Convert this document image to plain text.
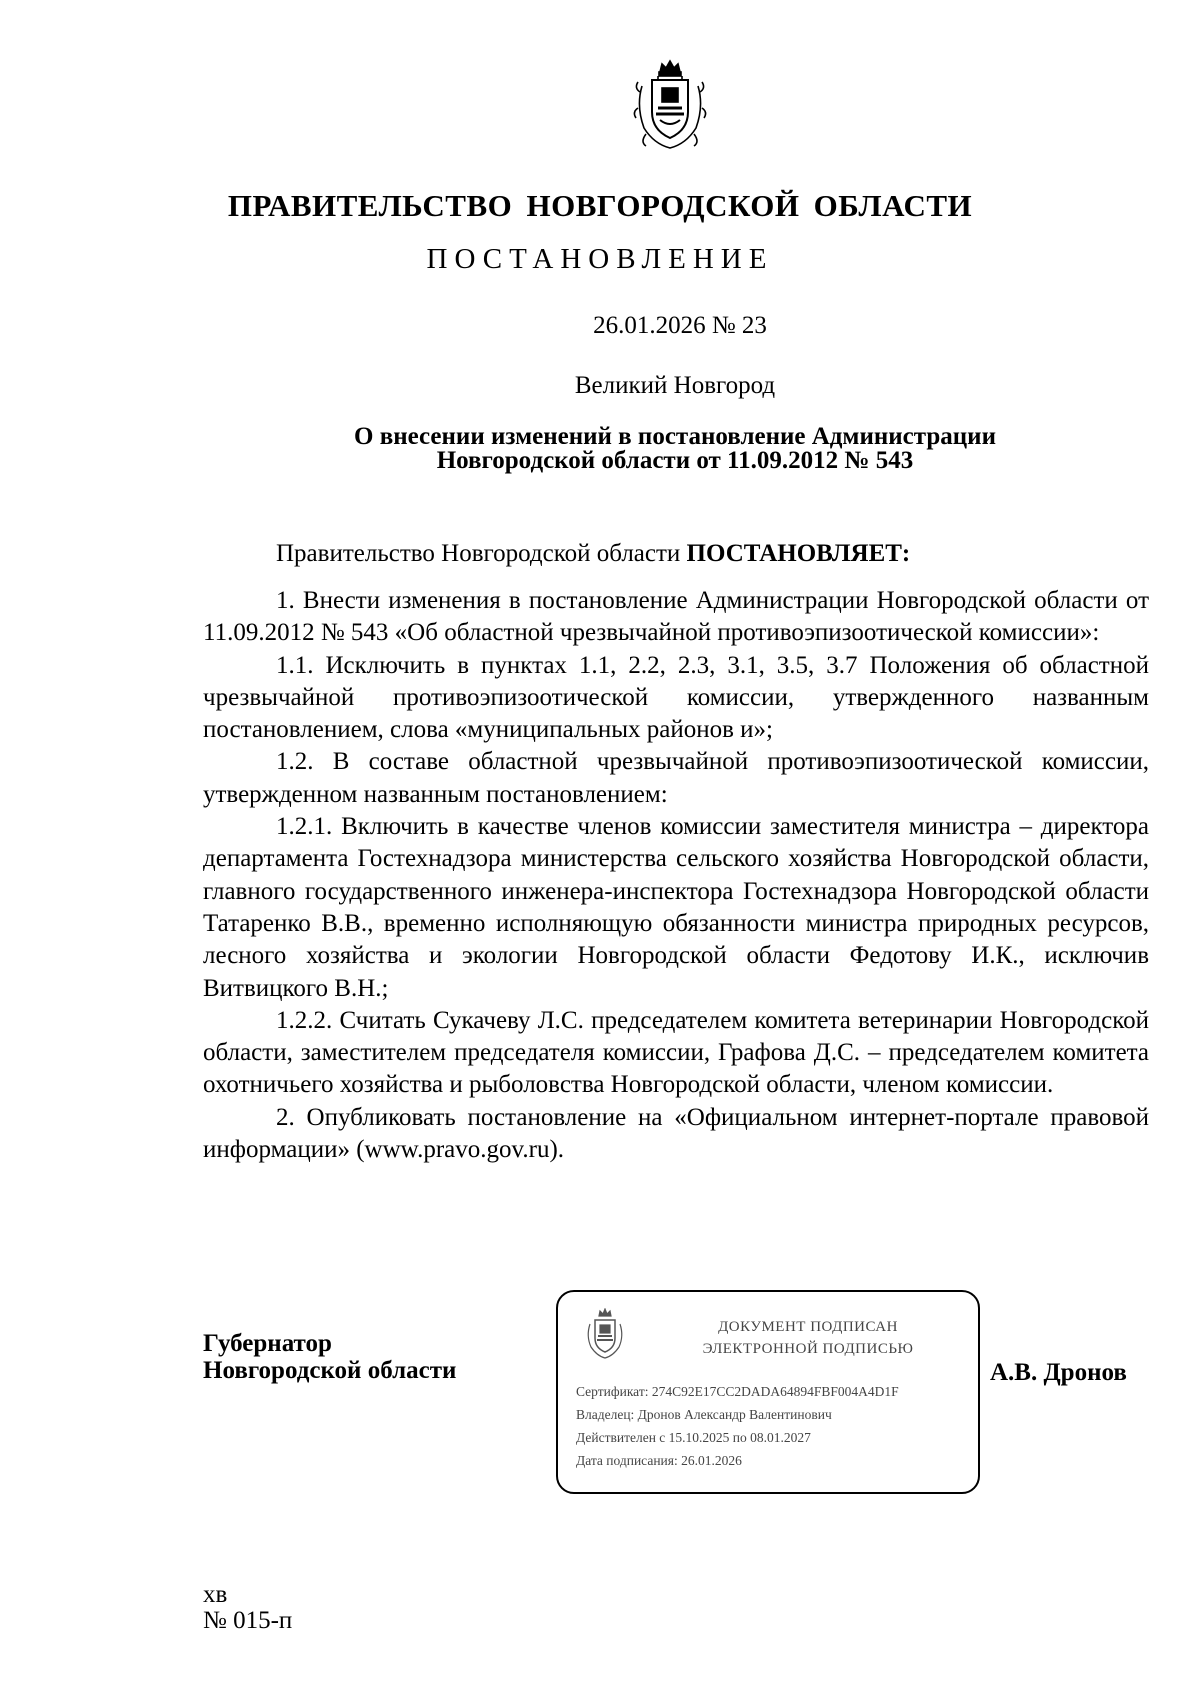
ПРАВИТЕЛЬСТВО НОВГОРОДСКОЙ ОБЛАСТИ
ПОСТАНОВЛЕНИЕ
26.01.2026 № 23
Великий Новгород
О внесении изменений в постановление Администрации
Новгородской области от 11.09.2012 № 543
Правительство Новгородской области ПОСТАНОВЛЯЕТ:

1. Внести изменения в постановление Администрации Новгородской области от 11.09.2012 № 543 «Об областной чрезвычайной противоэпизоотической комиссии»:

1.1. Исключить в пунктах 1.1, 2.2, 2.3, 3.1, 3.5, 3.7 Положения об областной чрезвычайной противоэпизоотической комиссии, утвержденного названным постановлением, слова «муниципальных районов и»;

1.2. В составе областной чрезвычайной противоэпизоотической комиссии, утвержденном названным постановлением:

1.2.1. Включить в качестве членов комиссии заместителя министра – директора департамента Гостехнадзора министерства сельского хозяйства Новгородской области, главного государственного инженера-инспектора Гостехнадзора Новгородской области Татаренко В.В., временно исполняющую обязанности министра природных ресурсов, лесного хозяйства и экологии Новгородской области Федотову И.К., исключив Витвицкого В.Н.;

1.2.2. Считать Сукачеву Л.С. председателем комитета ветеринарии Новгородской области, заместителем председателя комиссии, Графова Д.С. – председателем комитета охотничьего хозяйства и рыболовства Новгородской области, членом комиссии.

2. Опубликовать постановление на «Официальном интернет-портале правовой информации» (www.pravo.gov.ru).

Губернатор
Новгородской области
ДОКУМЕНТ ПОДПИСАН
ЭЛЕКТРОННОЙ ПОДПИСЬЮ
Сертификат: 274C92E17CC2DADA64894FBF004A4D1F
Владелец: Дронов Александр Валентинович
Действителен с 15.10.2025 по 08.01.2027
Дата подписания: 26.01.2026
А.В. Дронов
хв
№ 015-п
